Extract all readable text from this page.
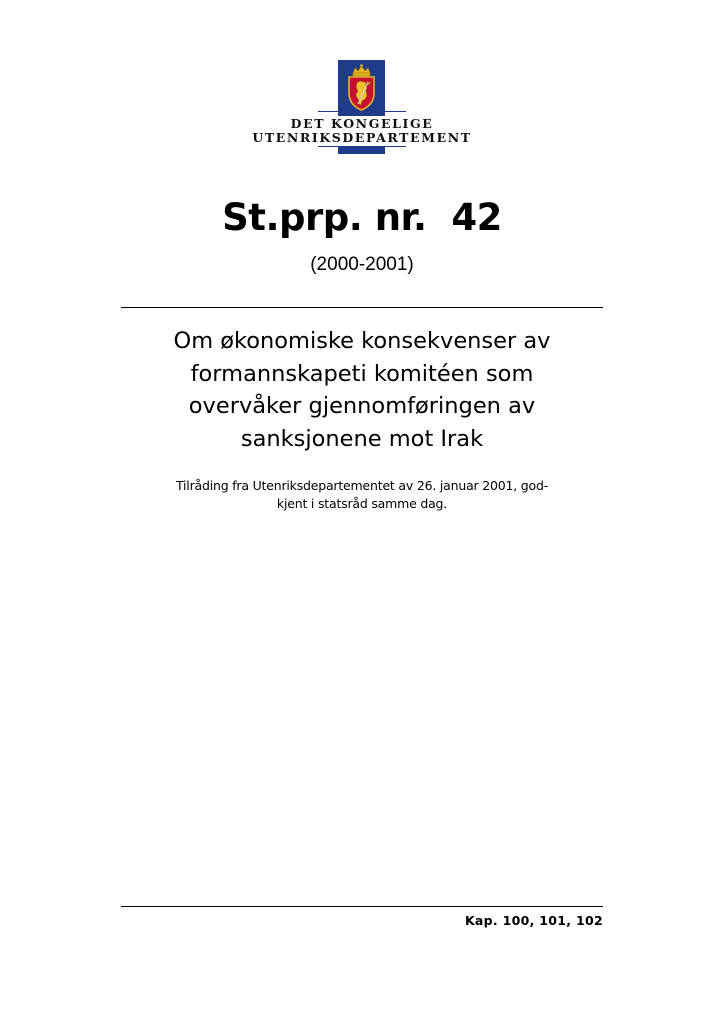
DET KONGELIGE
UTENRIKSDEPARTEMENT
St.prp. nr.  42
(2000-2001)
Om økonomiske konsekvenser av
formannskapeti komitéen som
overvåker gjennomføringen av
sanksjonene mot Irak
Tilråding fra Utenriksdepartementet av 26. januar 2001, god-
kjent i statsråd samme dag.
Kap. 100, 101, 102
